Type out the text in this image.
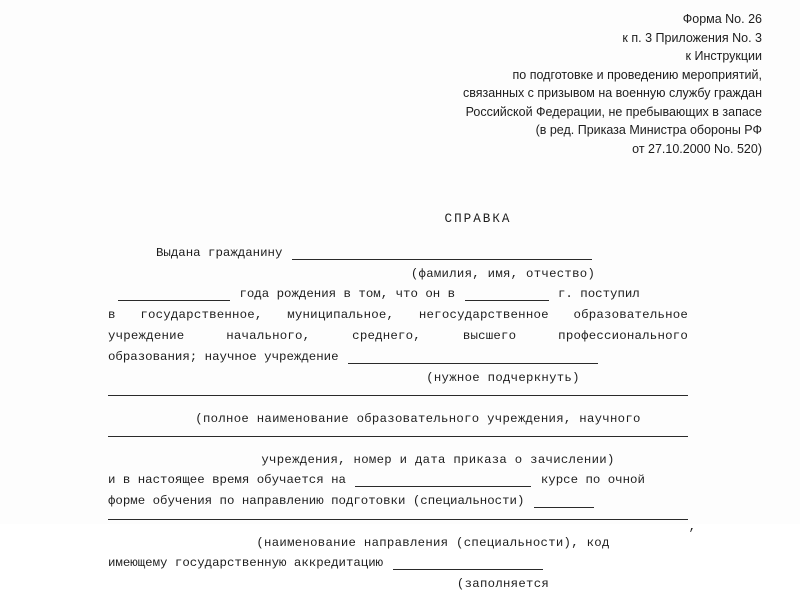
Форма No. 26
к п. 3 Приложения No. 3
к Инструкции
по подготовке и проведению мероприятий,
связанных с призывом на военную службу граждан
Российской Федерации, не пребывающих в запасе
(в ред. Приказа Министра обороны РФ
от 27.10.2000 No. 520)
СПРАВКА
Выдана гражданину
(фамилия, имя, отчество)
года рождения в том, что он в	г. поступил
в государственное, муниципальное, негосударственное образовательное
учреждение начального, среднего, высшего профессионального
образования; научное учреждение
(нужное подчеркнуть)
(полное наименование образовательного учреждения, научного
учреждения, номер и дата приказа о зачислении)
и в настоящее время обучается на	курсе по очной
форме обучения по направлению подготовки (специальности)
,
(наименование направления (специальности), код
имеющему государственную аккредитацию
(заполняется
